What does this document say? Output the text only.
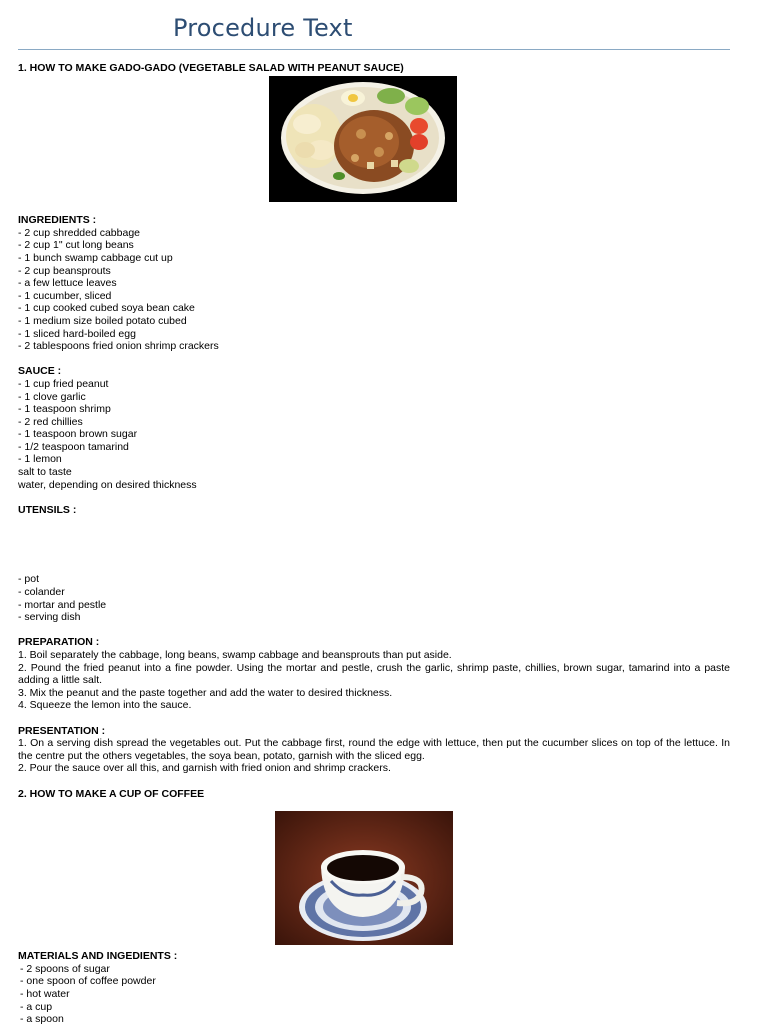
Procedure Text

1. HOW TO MAKE GADO-GADO (VEGETABLE SALAD WITH PEANUT SAUCE)

INGREDIENTS :

- 2 cup shredded cabbage
- 2 cup 1" cut long beans
- 1 bunch swamp cabbage cut up
- 2 cup beansprouts
- a few lettuce leaves
- 1 cucumber, sliced
- 1 cup cooked cubed soya bean cake
- 1 medium size boiled potato cubed
- 1 sliced hard-boiled egg
- 2 tablespoons fried onion shrimp crackers

SAUCE :

- 1 cup fried peanut
- 1 clove garlic
- 1 teaspoon shrimp
- 2 red chillies
- 1 teaspoon brown sugar
- 1/2 teaspoon tamarind
- 1 lemon
salt to taste
water, depending on desired thickness

UTENSILS :

- pot
- colander
- mortar and pestle
- serving dish

PREPARATION :

1. Boil separately the cabbage, long beans, swamp cabbage and beansprouts than put aside.

2. Pound the fried peanut into a fine powder. Using the mortar and pestle, crush the garlic, shrimp paste, chillies, brown sugar, tamarind into a paste adding a little salt.

3. Mix the peanut and the paste together and add the water to desired thickness.

4. Squeeze the lemon into the sauce.

PRESENTATION :

1. On a serving dish spread the vegetables out. Put the cabbage first, round the edge with lettuce, then put the cucumber slices on top of the lettuce. In the centre put the others vegetables, the soya bean, potato, garnish with the sliced egg.

2. Pour the sauce over all this, and garnish with fried onion and shrimp crackers.

2. HOW TO MAKE A CUP OF COFFEE

MATERIALS AND INGEDIENTS :

- 2 spoons of sugar
- one spoon of coffee powder
- hot water
- a cup
- a spoon
